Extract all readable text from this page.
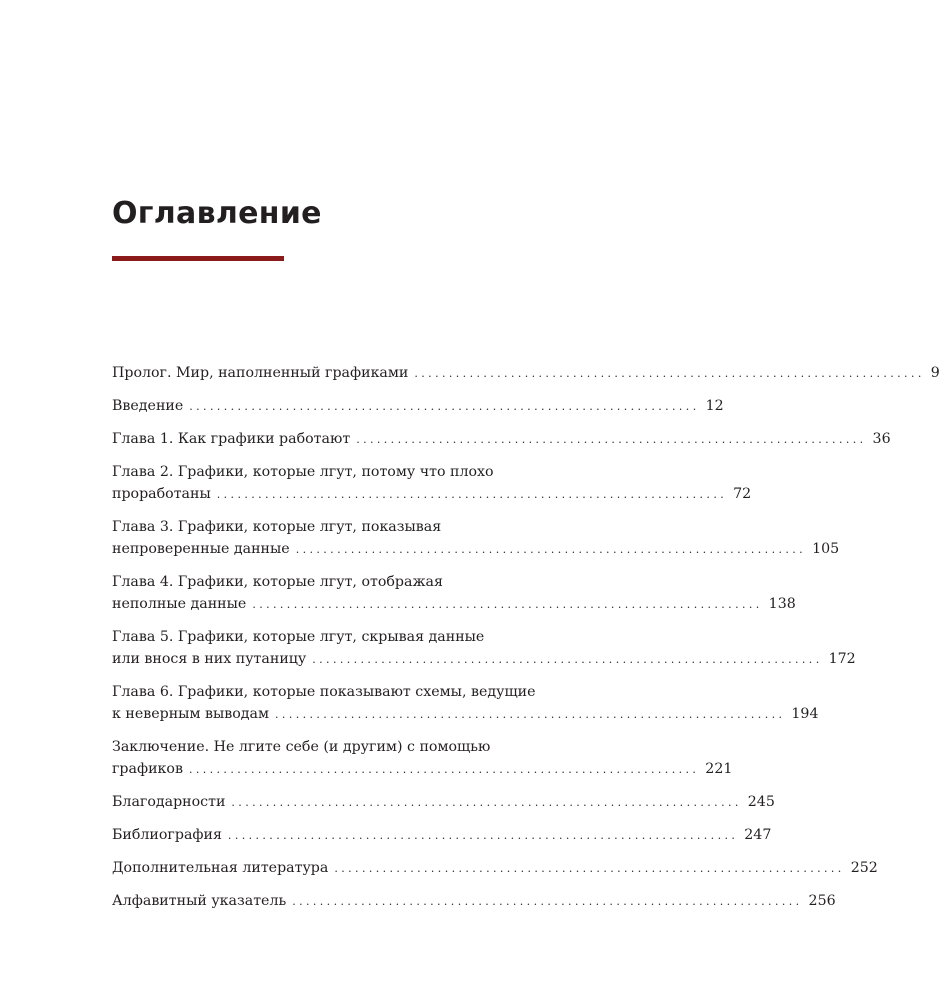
Оглавление
Пролог. Мир, наполненный графиками .......................................................................... 9
Введение .......................................................................... 12
Глава 1. Как графики работают .......................................................................... 36
Глава 2. Графики, которые лгут, потому что плохо
проработаны .......................................................................... 72
Глава 3. Графики, которые лгут, показывая
непроверенные данные .......................................................................... 105
Глава 4. Графики, которые лгут, отображая
неполные данные .......................................................................... 138
Глава 5. Графики, которые лгут, скрывая данные
или внося в них путаницу .......................................................................... 172
Глава 6. Графики, которые показывают схемы, ведущие
к неверным выводам .......................................................................... 194
Заключение. Не лгите себе (и другим) с помощью
графиков .......................................................................... 221
Благодарности .......................................................................... 245
Библиография .......................................................................... 247
Дополнительная литература .......................................................................... 252
Алфавитный указатель .......................................................................... 256
